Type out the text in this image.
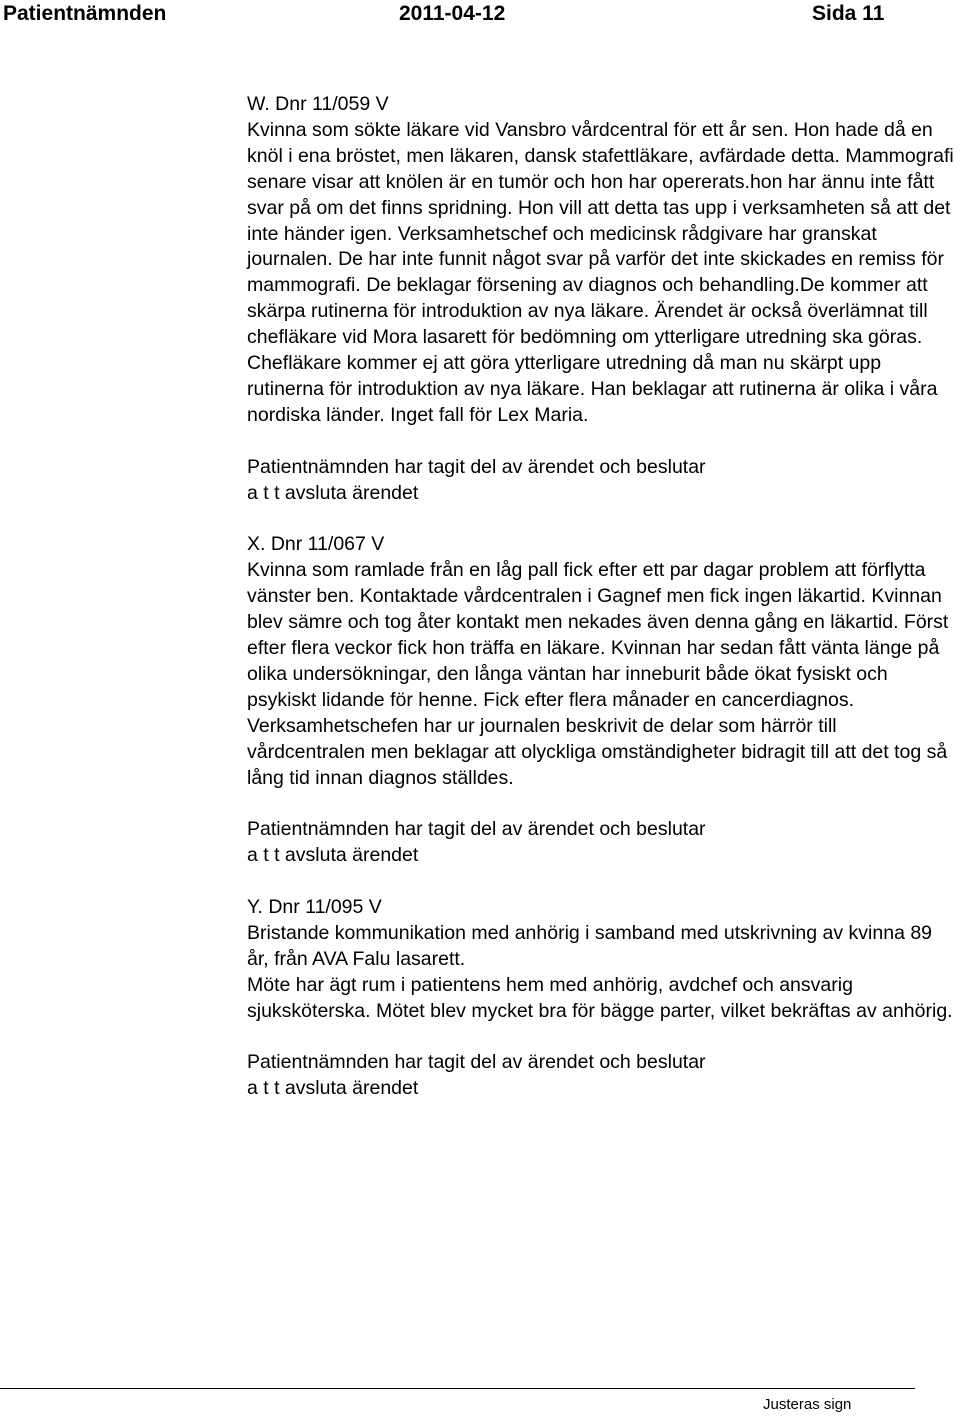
Patientnämnden	2011-04-12	Sida 11
W. Dnr 11/059 V
Kvinna som sökte läkare vid Vansbro vårdcentral för ett år sen. Hon hade då en knöl i ena bröstet, men läkaren, dansk stafettläkare, avfärdade detta. Mammografi senare visar att knölen är en tumör och hon har opererats.hon har ännu inte fått svar på om det finns spridning. Hon vill att detta tas upp i verksamheten så att det inte händer igen. Verksamhetschef och medicinsk rådgivare har granskat journalen. De har inte funnit något svar på varför det inte skickades en remiss för mammografi. De beklagar försening av diagnos och behandling.De kommer att skärpa rutinerna för introduktion av nya läkare. Ärendet är också överlämnat till chefläkare vid Mora lasarett för bedömning om ytterligare utredning ska göras. Chefläkare kommer ej att göra ytterligare utredning då man nu skärpt upp rutinerna för introduktion av nya läkare. Han beklagar att rutinerna är olika i våra nordiska länder. Inget fall för Lex Maria.
Patientnämnden har tagit del av ärendet och beslutar
a t t avsluta ärendet
X. Dnr 11/067 V
Kvinna som ramlade från en låg pall fick efter ett par dagar problem att förflytta vänster ben. Kontaktade vårdcentralen i Gagnef men fick ingen läkartid. Kvinnan blev sämre och tog åter kontakt men nekades även denna gång en läkartid. Först efter flera veckor fick hon träffa en läkare. Kvinnan har sedan fått vänta länge på olika undersökningar, den långa väntan har inneburit både ökat fysiskt och psykiskt lidande för henne. Fick efter flera månader en cancerdiagnos.
Verksamhetschefen har ur journalen beskrivit de delar som härrör till vårdcentralen men beklagar att olyckliga omständigheter bidragit till att det tog så lång tid innan diagnos ställdes.
Patientnämnden har tagit del av ärendet och beslutar
a t t avsluta ärendet
Y. Dnr 11/095 V
Bristande kommunikation med anhörig i samband med utskrivning av kvinna 89 år, från AVA Falu lasarett.
Möte har ägt rum i patientens hem med anhörig, avdchef och ansvarig sjuksköterska. Mötet blev mycket bra för bägge parter, vilket bekräftas av anhörig.
Patientnämnden har tagit del av ärendet och beslutar
a t t avsluta ärendet
Justeras sign
